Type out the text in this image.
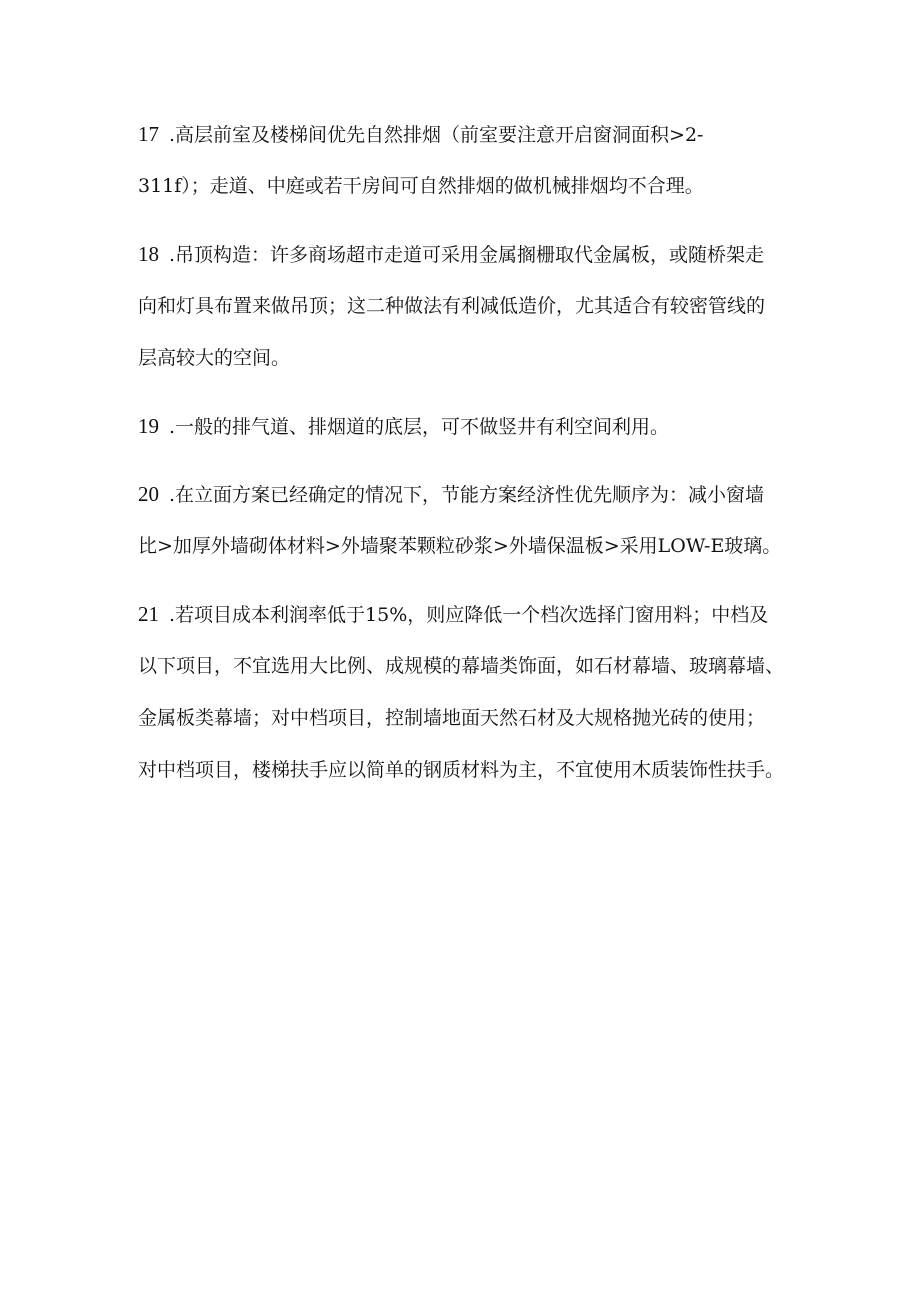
17 .高层前室及楼梯间优先自然排烟（前室要注意开启窗洞面积>2-
311f）；走道、中庭或若干房间可自然排烟的做机械排烟均不合理。
18 .吊顶构造：许多商场超市走道可采用金属搁栅取代金属板，或随桥架走
向和灯具布置来做吊顶；这二种做法有利减低造价，尤其适合有较密管线的
层高较大的空间。
19 .一般的排气道、排烟道的底层，可不做竖井有利空间利用。
20 .在立面方案已经确定的情况下，节能方案经济性优先顺序为：减小窗墙
比>加厚外墙砌体材料>外墙聚苯颗粒砂浆>外墙保温板>采用LOW-E玻璃。
21 .若项目成本利润率低于15%，则应降低一个档次选择门窗用料；中档及
以下项目，不宜选用大比例、成规模的幕墙类饰面，如石材幕墙、玻璃幕墙、
金属板类幕墙；对中档项目，控制墙地面天然石材及大规格抛光砖的使用；
对中档项目，楼梯扶手应以简单的钢质材料为主，不宜使用木质装饰性扶手。
